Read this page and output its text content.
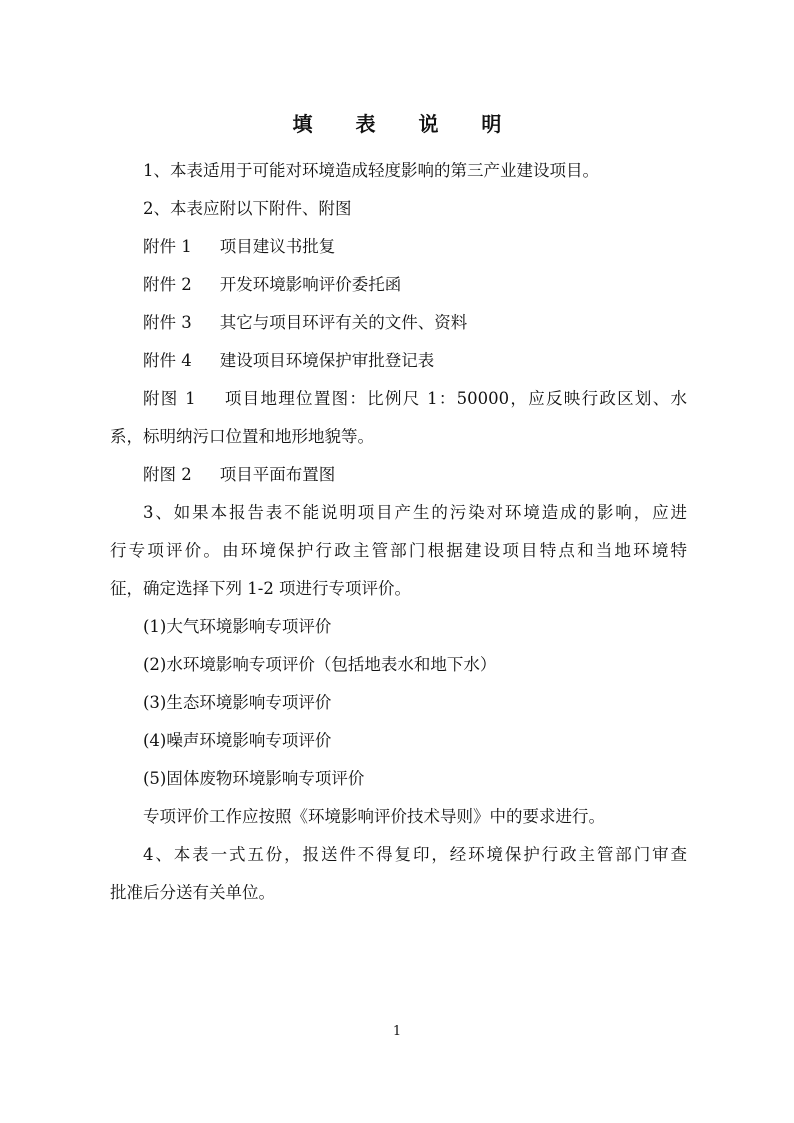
填 表 说 明

1、本表适用于可能对环境造成轻度影响的第三产业建设项目。

2、本表应附以下附件、附图

附件 1 项目建议书批复

附件 2 开发环境影响评价委托函

附件 3 其它与项目环评有关的文件、资料

附件 4 建设项目环境保护审批登记表

附图 1 项目地理位置图：比例尺 1：50000，应反映行政区划、水

系，标明纳污口位置和地形地貌等。

附图 2 项目平面布置图

3、如果本报告表不能说明项目产生的污染对环境造成的影响，应进

行专项评价。由环境保护行政主管部门根据建设项目特点和当地环境特

征，确定选择下列 1-2 项进行专项评价。

(1)大气环境影响专项评价

(2)水环境影响专项评价（包括地表水和地下水）

(3)生态环境影响专项评价

(4)噪声环境影响专项评价

(5)固体废物环境影响专项评价

专项评价工作应按照《环境影响评价技术导则》中的要求进行。

4、本表一式五份，报送件不得复印，经环境保护行政主管部门审查

批准后分送有关单位。

1
